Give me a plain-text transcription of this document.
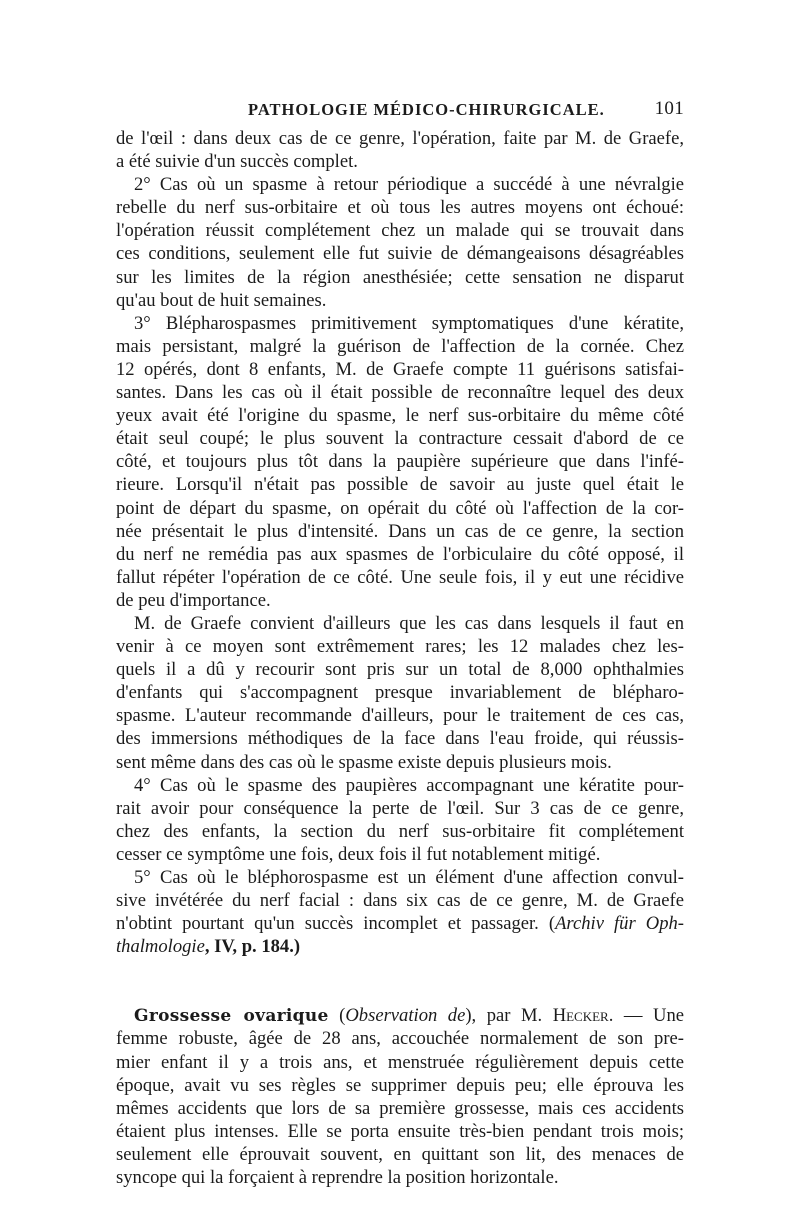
PATHOLOGIE MÉDICO-CHIRURGICALE.	101
de l'œil : dans deux cas de ce genre, l'opération, faite par M. de Graefe,
a été suivie d'un succès complet.
2° Cas où un spasme à retour périodique a succédé à une névralgie
rebelle du nerf sus-orbitaire et où tous les autres moyens ont échoué:
l'opération réussit complétement chez un malade qui se trouvait dans
ces conditions, seulement elle fut suivie de démangeaisons désagréables
sur les limites de la région anesthésiée; cette sensation ne disparut
qu'au bout de huit semaines.
3° Blépharospasmes primitivement symptomatiques d'une kératite,
mais persistant, malgré la guérison de l'affection de la cornée. Chez
12 opérés, dont 8 enfants, M. de Graefe compte 11 guérisons satisfai-
santes. Dans les cas où il était possible de reconnaître lequel des deux
yeux avait été l'origine du spasme, le nerf sus-orbitaire du même côté
était seul coupé; le plus souvent la contracture cessait d'abord de ce
côté, et toujours plus tôt dans la paupière supérieure que dans l'infé-
rieure. Lorsqu'il n'était pas possible de savoir au juste quel était le
point de départ du spasme, on opérait du côté où l'affection de la cor-
née présentait le plus d'intensité. Dans un cas de ce genre, la section
du nerf ne remédia pas aux spasmes de l'orbiculaire du côté opposé, il
fallut répéter l'opération de ce côté. Une seule fois, il y eut une récidive
de peu d'importance.
M. de Graefe convient d'ailleurs que les cas dans lesquels il faut en
venir à ce moyen sont extrêmement rares; les 12 malades chez les-
quels il a dû y recourir sont pris sur un total de 8,000 ophthalmies
d'enfants qui s'accompagnent presque invariablement de blépharo-
spasme. L'auteur recommande d'ailleurs, pour le traitement de ces cas,
des immersions méthodiques de la face dans l'eau froide, qui réussis-
sent même dans des cas où le spasme existe depuis plusieurs mois.
4° Cas où le spasme des paupières accompagnant une kératite pour-
rait avoir pour conséquence la perte de l'œil. Sur 3 cas de ce genre,
chez des enfants, la section du nerf sus-orbitaire fit complétement
cesser ce symptôme une fois, deux fois il fut notablement mitigé.
5° Cas où le bléphorospasme est un élément d'une affection convul-
sive invétérée du nerf facial : dans six cas de ce genre, M. de Graefe
n'obtint pourtant qu'un succès incomplet et passager. (Archiv für Oph-
thalmologie, IV, p. 184.)
Grossesse ovarique (Observation de), par M. Hecker. — Une
femme robuste, âgée de 28 ans, accouchée normalement de son pre-
mier enfant il y a trois ans, et menstruée régulièrement depuis cette
époque, avait vu ses règles se supprimer depuis peu; elle éprouva les
mêmes accidents que lors de sa première grossesse, mais ces accidents
étaient plus intenses. Elle se porta ensuite très-bien pendant trois mois;
seulement elle éprouvait souvent, en quittant son lit, des menaces de
syncope qui la forçaient à reprendre la position horizontale.
